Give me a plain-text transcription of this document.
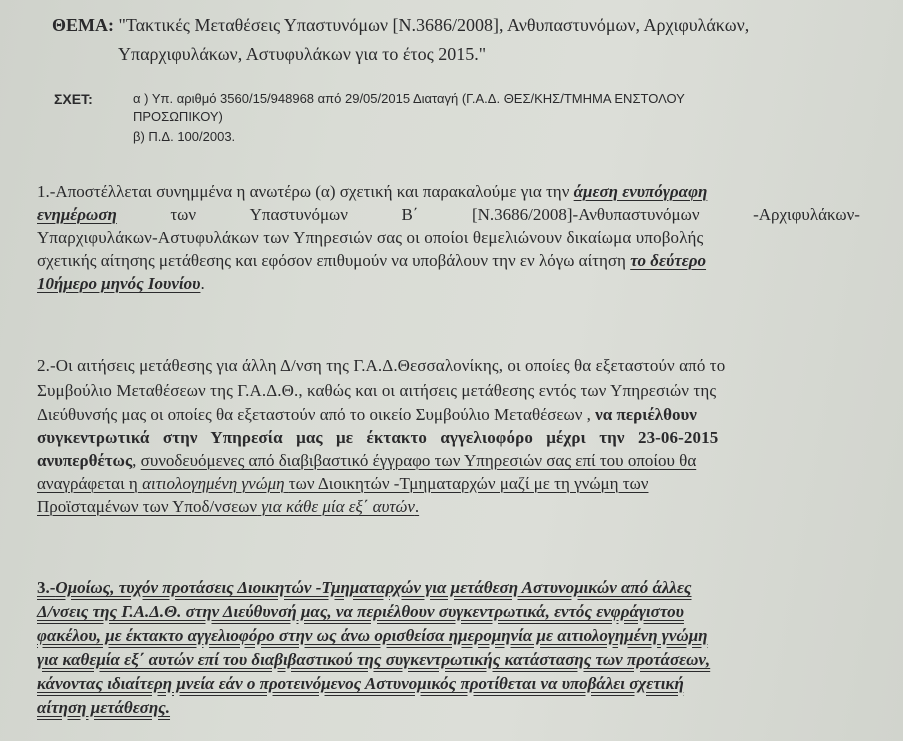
ΘΕΜΑ: "Τακτικές Μεταθέσεις Υπαστυνόμων [Ν.3686/2008], Ανθυπαστυνόμων, Αρχιφυλάκων,
Υπαρχιφυλάκων, Αστυφυλάκων για το έτος 2015."
ΣΧΕΤ:	α ) Υπ. αριθμό 3560/15/948968 από 29/05/2015 Διαταγή (Γ.Α.Δ. ΘΕΣ/ΚΗΣ/ΤΜΗΜΑ ΕΝΣΤΟΛΟΥ
ΠΡΟΣΩΠΙΚΟΥ)
β) Π.Δ. 100/2003.
1.-Αποστέλλεται συνημμένα η ανωτέρω (α) σχετική και παρακαλούμε για την άμεση ενυπόγραφη
ενημέρωση	των	Υπαστυνόμων	Β΄	[Ν.3686/2008]-Ανθυπαστυνόμων	-Αρχιφυλάκων-
Υπαρχιφυλάκων-Αστυφυλάκων των Υπηρεσιών σας οι οποίοι θεμελιώνουν δικαίωμα υποβολής
σχετικής αίτησης μετάθεσης και εφόσον επιθυμούν να υποβάλουν την εν λόγω αίτηση το δεύτερο
10ήμερο μηνός Ιουνίου.
2.-Οι αιτήσεις μετάθεσης για άλλη Δ/νση της Γ.Α.Δ.Θεσσαλονίκης, οι οποίες θα εξεταστούν από το
Συμβούλιο Μεταθέσεων της Γ.Α.Δ.Θ., καθώς και οι αιτήσεις μετάθεσης εντός των Υπηρεσιών της
Διεύθυνσής μας οι οποίες θα εξεταστούν από το οικείο Συμβούλιο Μεταθέσεων , να περιέλθουν
συγκεντρωτικά στην Υπηρεσία μας με έκτακτο αγγελιοφόρο μέχρι την 23-06-2015
ανυπερθέτως, συνοδευόμενες από διαβιβαστικό έγγραφο των Υπηρεσιών σας επί του οποίου θα
αναγράφεται η αιτιολογημένη γνώμη των Διοικητών -Τμηματαρχών μαζί με τη γνώμη των
Προϊσταμένων των Υποδ/νσεων για κάθε μία εξ΄ αυτών.
3.-Ομοίως, τυχόν προτάσεις Διοικητών -Τμηματαρχών για μετάθεση Αστυνομικών από άλλες
Δ/νσεις της Γ.Α.Δ.Θ. στην Διεύθυνσή μας, να περιέλθουν συγκεντρωτικά, εντός ενφράγιστου
φακέλου, με έκτακτο αγγελιοφόρο στην ως άνω ορισθείσα ημερομηνία με αιτιολογημένη γνώμη
για καθεμία εξ΄ αυτών επί του διαβιβαστικού της συγκεντρωτικής κατάστασης των προτάσεων,
κάνοντας ιδιαίτερη μνεία εάν ο προτεινόμενος Αστυνομικός προτίθεται να υποβάλει σχετική
αίτηση μετάθεσης.
